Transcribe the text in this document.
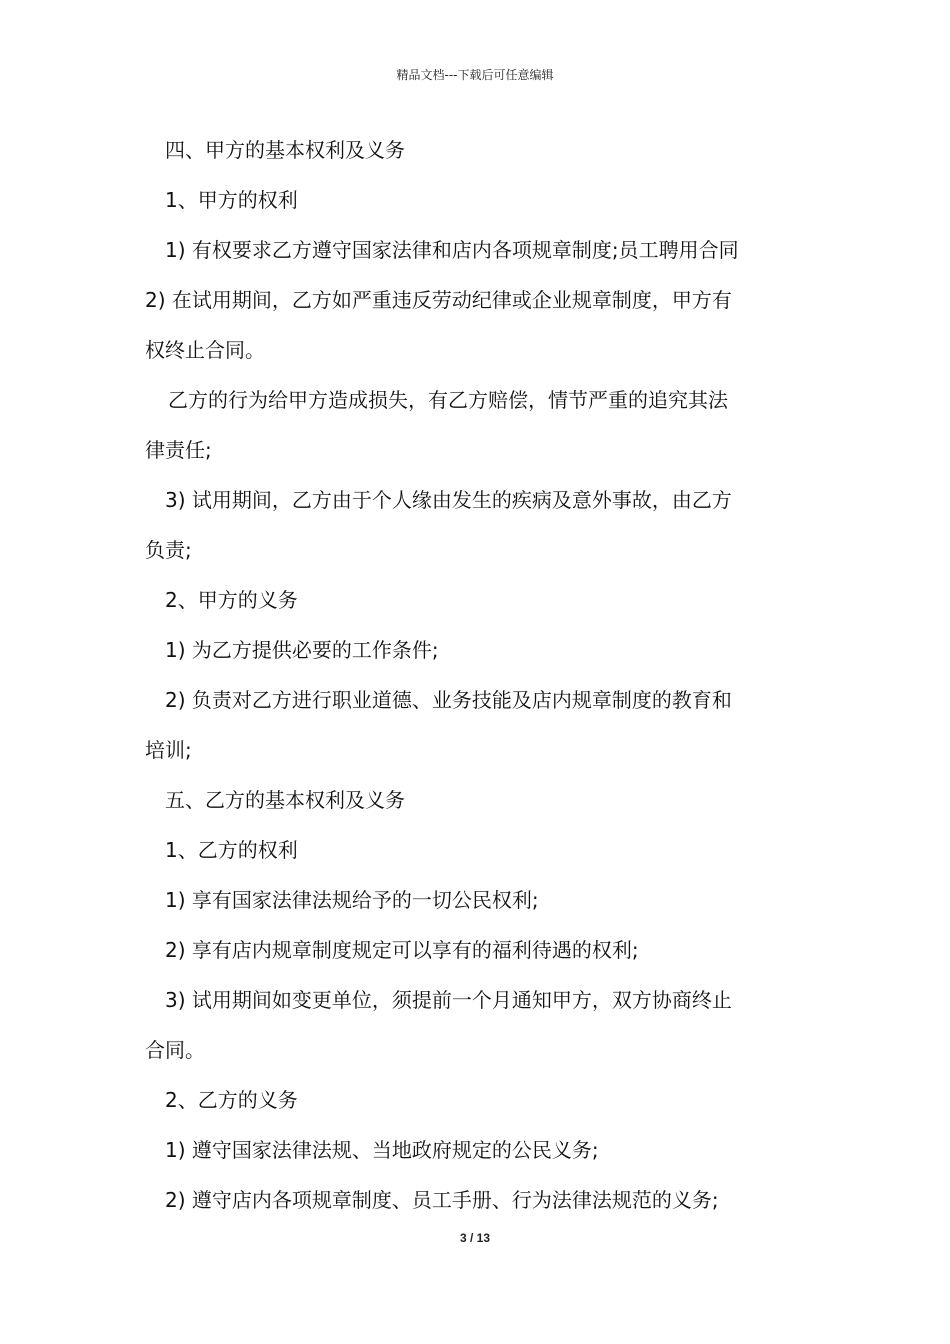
精品文档---下载后可任意编辑
四、甲方的基本权利及义务
1、甲方的权利
1) 有权要求乙方遵守国家法律和店内各项规章制度;员工聘用合同
2) 在试用期间，乙方如严重违反劳动纪律或企业规章制度，甲方有
权终止合同。
乙方的行为给甲方造成损失，有乙方赔偿，情节严重的追究其法
律责任;
3) 试用期间，乙方由于个人缘由发生的疾病及意外事故，由乙方
负责;
2、甲方的义务
1) 为乙方提供必要的工作条件;
2) 负责对乙方进行职业道德、业务技能及店内规章制度的教育和
培训;
五、乙方的基本权利及义务
1、乙方的权利
1) 享有国家法律法规给予的一切公民权利;
2) 享有店内规章制度规定可以享有的福利待遇的权利;
3) 试用期间如变更单位，须提前一个月通知甲方，双方协商终止
合同。
2、乙方的义务
1) 遵守国家法律法规、当地政府规定的公民义务;
2) 遵守店内各项规章制度、员工手册、行为法律法规范的义务;
3 / 13
